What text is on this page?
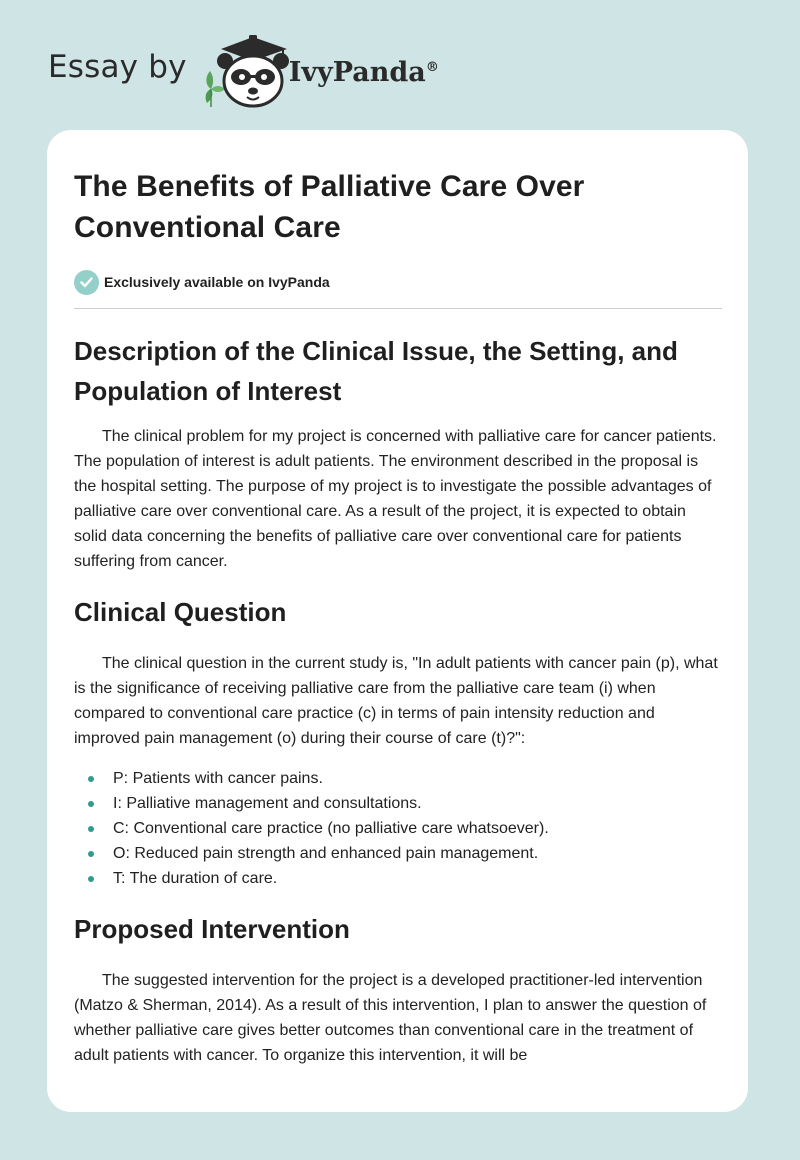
Essay by	IvyPanda®
The Benefits of Palliative Care Over Conventional Care
Exclusively available on IvyPanda
Description of the Clinical Issue, the Setting, and Population of Interest

The clinical problem for my project is concerned with palliative care for cancer patients. The population of interest is adult patients. The environment described in the proposal is the hospital setting. The purpose of my project is to investigate the possible advantages of palliative care over conventional care. As a result of the project, it is expected to obtain solid data concerning the benefits of palliative care over conventional care for patients suffering from cancer.

Clinical Question

The clinical question in the current study is, "In adult patients with cancer pain (p), what is the significance of receiving palliative care from the palliative care team (i) when compared to conventional care practice (c) in terms of pain intensity reduction and improved pain management (o) during their course of care (t)?":

P: Patients with cancer pains.
I: Palliative management and consultations.
C: Conventional care practice (no palliative care whatsoever).
O: Reduced pain strength and enhanced pain management.
T: The duration of care.
Proposed Intervention

The suggested intervention for the project is a developed practitioner-led intervention (Matzo & Sherman, 2014). As a result of this intervention, I plan to answer the question of whether palliative care gives better outcomes than conventional care in the treatment of adult patients with cancer. To organize this intervention, it will be
